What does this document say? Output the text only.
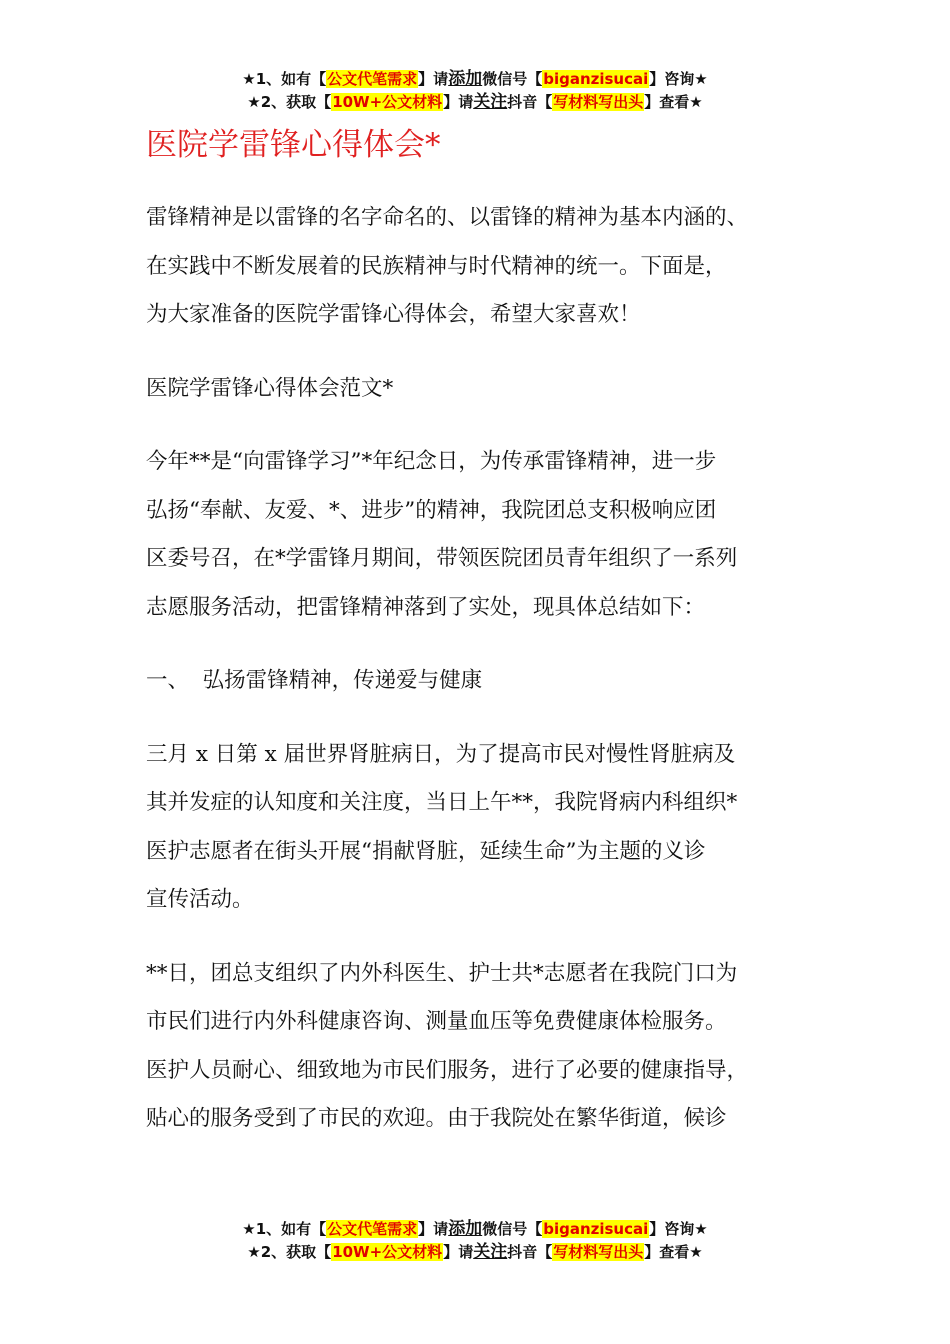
★1、如有【公文代笔需求】请添加微信号【biganzisucai】咨询★
★2、获取【10W+公文材料】请关注抖音【写材料写出头】查看★
医院学雷锋心得体会*

雷锋精神是以雷锋的名字命名的、以雷锋的精神为基本内涵的、
在实践中不断发展着的民族精神与时代精神的统一。下面是，
为大家准备的医院学雷锋心得体会，希望大家喜欢！

医院学雷锋心得体会范文*

今年**是“向雷锋学习”*年纪念日，为传承雷锋精神，进一步
弘扬“奉献、友爱、*、进步”的精神，我院团总支积极响应团
区委号召，在*学雷锋月期间，带领医院团员青年组织了一系列
志愿服务活动，把雷锋精神落到了实处，现具体总结如下：

一、  弘扬雷锋精神，传递爱与健康

三月 x 日第 x 届世界肾脏病日，为了提高市民对慢性肾脏病及
其并发症的认知度和关注度，当日上午**，我院肾病内科组织*
医护志愿者在街头开展“捐献肾脏，延续生命”为主题的义诊
宣传活动。

**日，团总支组织了内外科医生、护士共*志愿者在我院门口为
市民们进行内外科健康咨询、测量血压等免费健康体检服务。
医护人员耐心、细致地为市民们服务，进行了必要的健康指导，
贴心的服务受到了市民的欢迎。由于我院处在繁华街道，候诊

★1、如有【公文代笔需求】请添加微信号【biganzisucai】咨询★
★2、获取【10W+公文材料】请关注抖音【写材料写出头】查看★
